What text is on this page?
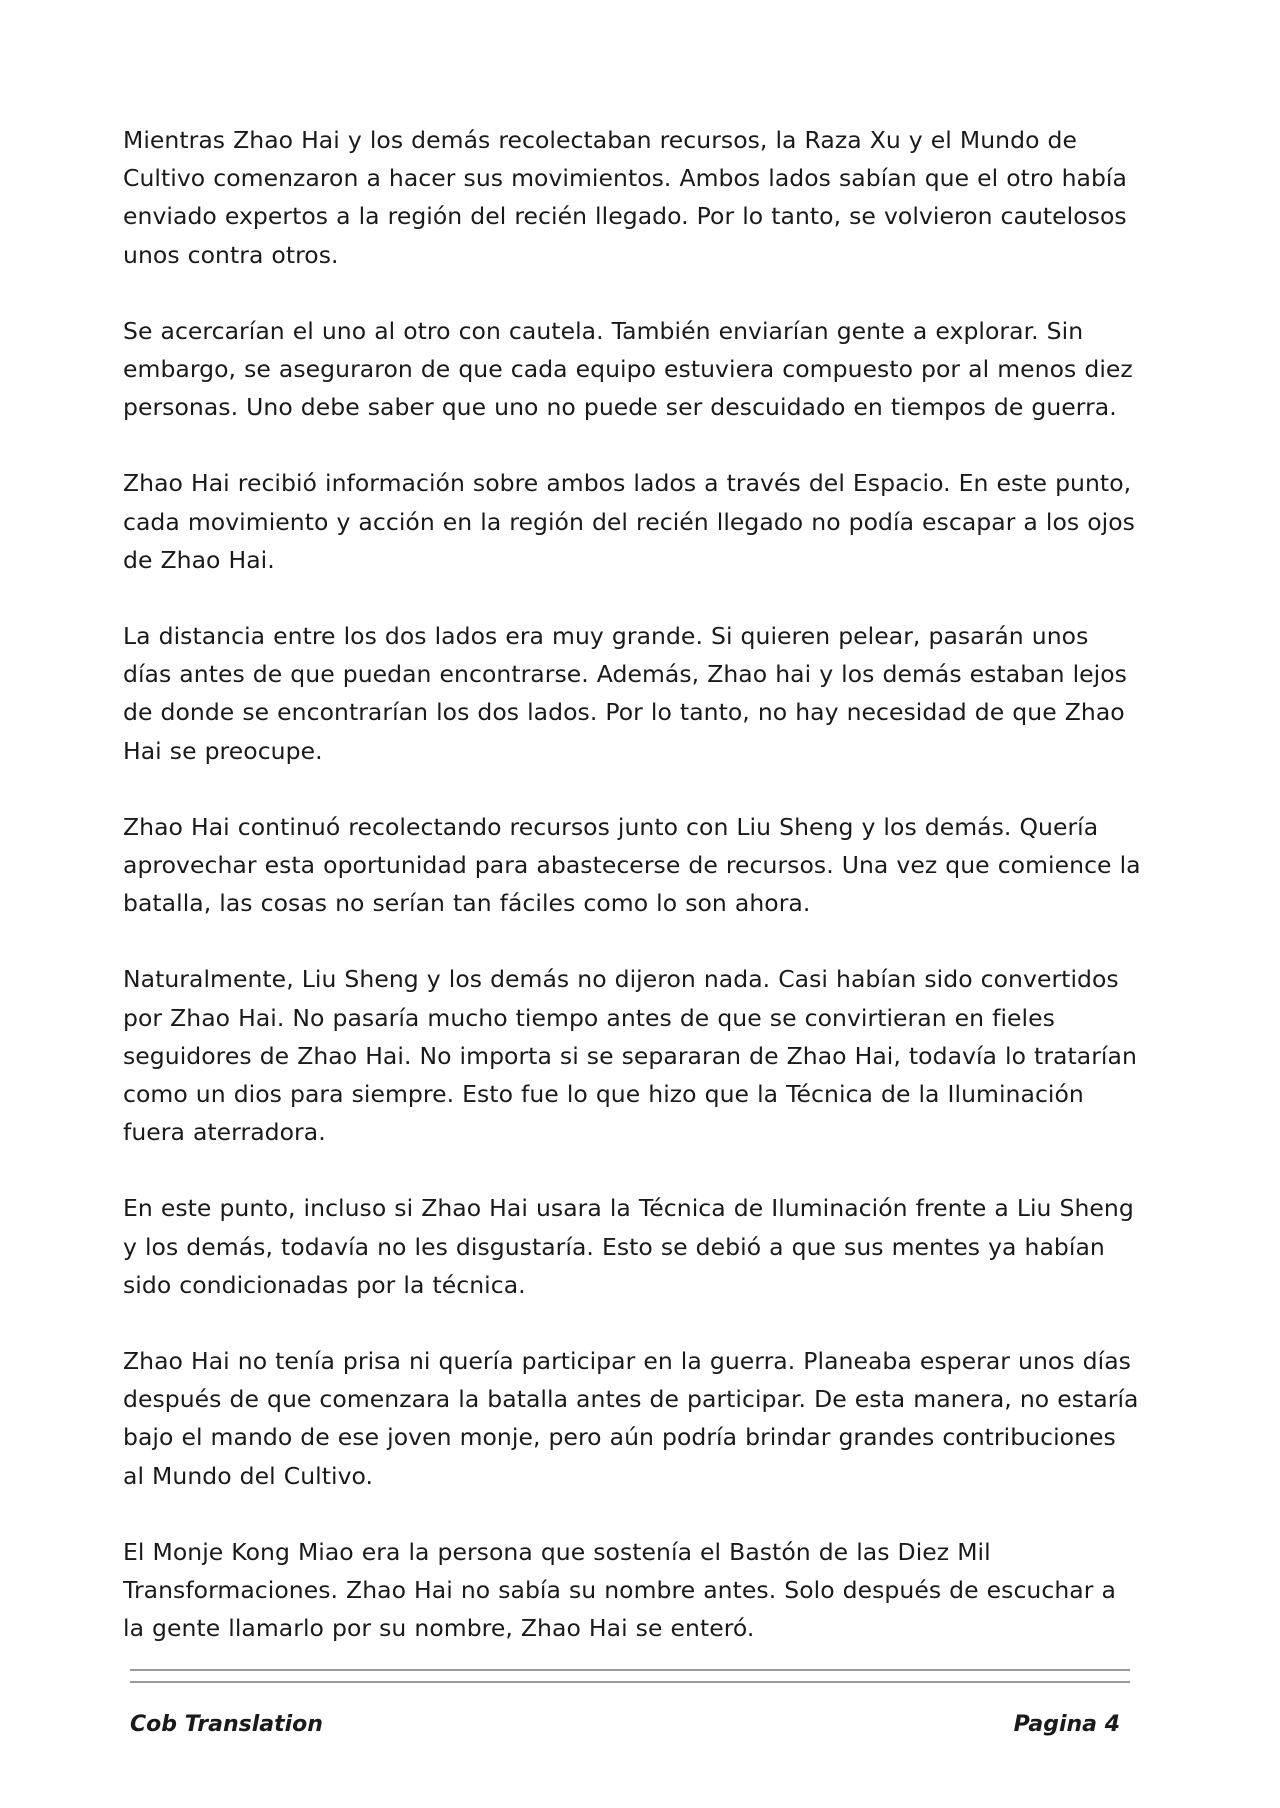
Mientras Zhao Hai y los demás recolectaban recursos, la Raza Xu y el Mundo de Cultivo comenzaron a hacer sus movimientos. Ambos lados sabían que el otro había enviado expertos a la región del recién llegado. Por lo tanto, se volvieron cautelosos unos contra otros.

Se acercarían el uno al otro con cautela. También enviarían gente a explorar. Sin embargo, se aseguraron de que cada equipo estuviera compuesto por al menos diez personas. Uno debe saber que uno no puede ser descuidado en tiempos de guerra.

Zhao Hai recibió información sobre ambos lados a través del Espacio. En este punto, cada movimiento y acción en la región del recién llegado no podía escapar a los ojos de Zhao Hai.

La distancia entre los dos lados era muy grande. Si quieren pelear, pasarán unos días antes de que puedan encontrarse. Además, Zhao hai y los demás estaban lejos de donde se encontrarían los dos lados. Por lo tanto, no hay necesidad de que Zhao Hai se preocupe.

Zhao Hai continuó recolectando recursos junto con Liu Sheng y los demás. Quería aprovechar esta oportunidad para abastecerse de recursos. Una vez que comience la batalla, las cosas no serían tan fáciles como lo son ahora.

Naturalmente, Liu Sheng y los demás no dijeron nada. Casi habían sido convertidos por Zhao Hai. No pasaría mucho tiempo antes de que se convirtieran en fieles seguidores de Zhao Hai. No importa si se separaran de Zhao Hai, todavía lo tratarían como un dios para siempre. Esto fue lo que hizo que la Técnica de la Iluminación fuera aterradora.

En este punto, incluso si Zhao Hai usara la Técnica de Iluminación frente a Liu Sheng y los demás, todavía no les disgustaría. Esto se debió a que sus mentes ya habían sido condicionadas por la técnica.

Zhao Hai no tenía prisa ni quería participar en la guerra. Planeaba esperar unos días después de que comenzara la batalla antes de participar. De esta manera, no estaría bajo el mando de ese joven monje, pero aún podría brindar grandes contribuciones al Mundo del Cultivo.

El Monje Kong Miao era la persona que sostenía el Bastón de las Diez Mil Transformaciones. Zhao Hai no sabía su nombre antes. Solo después de escuchar a la gente llamarlo por su nombre, Zhao Hai se enteró.

Cob Translation	Pagina 4
